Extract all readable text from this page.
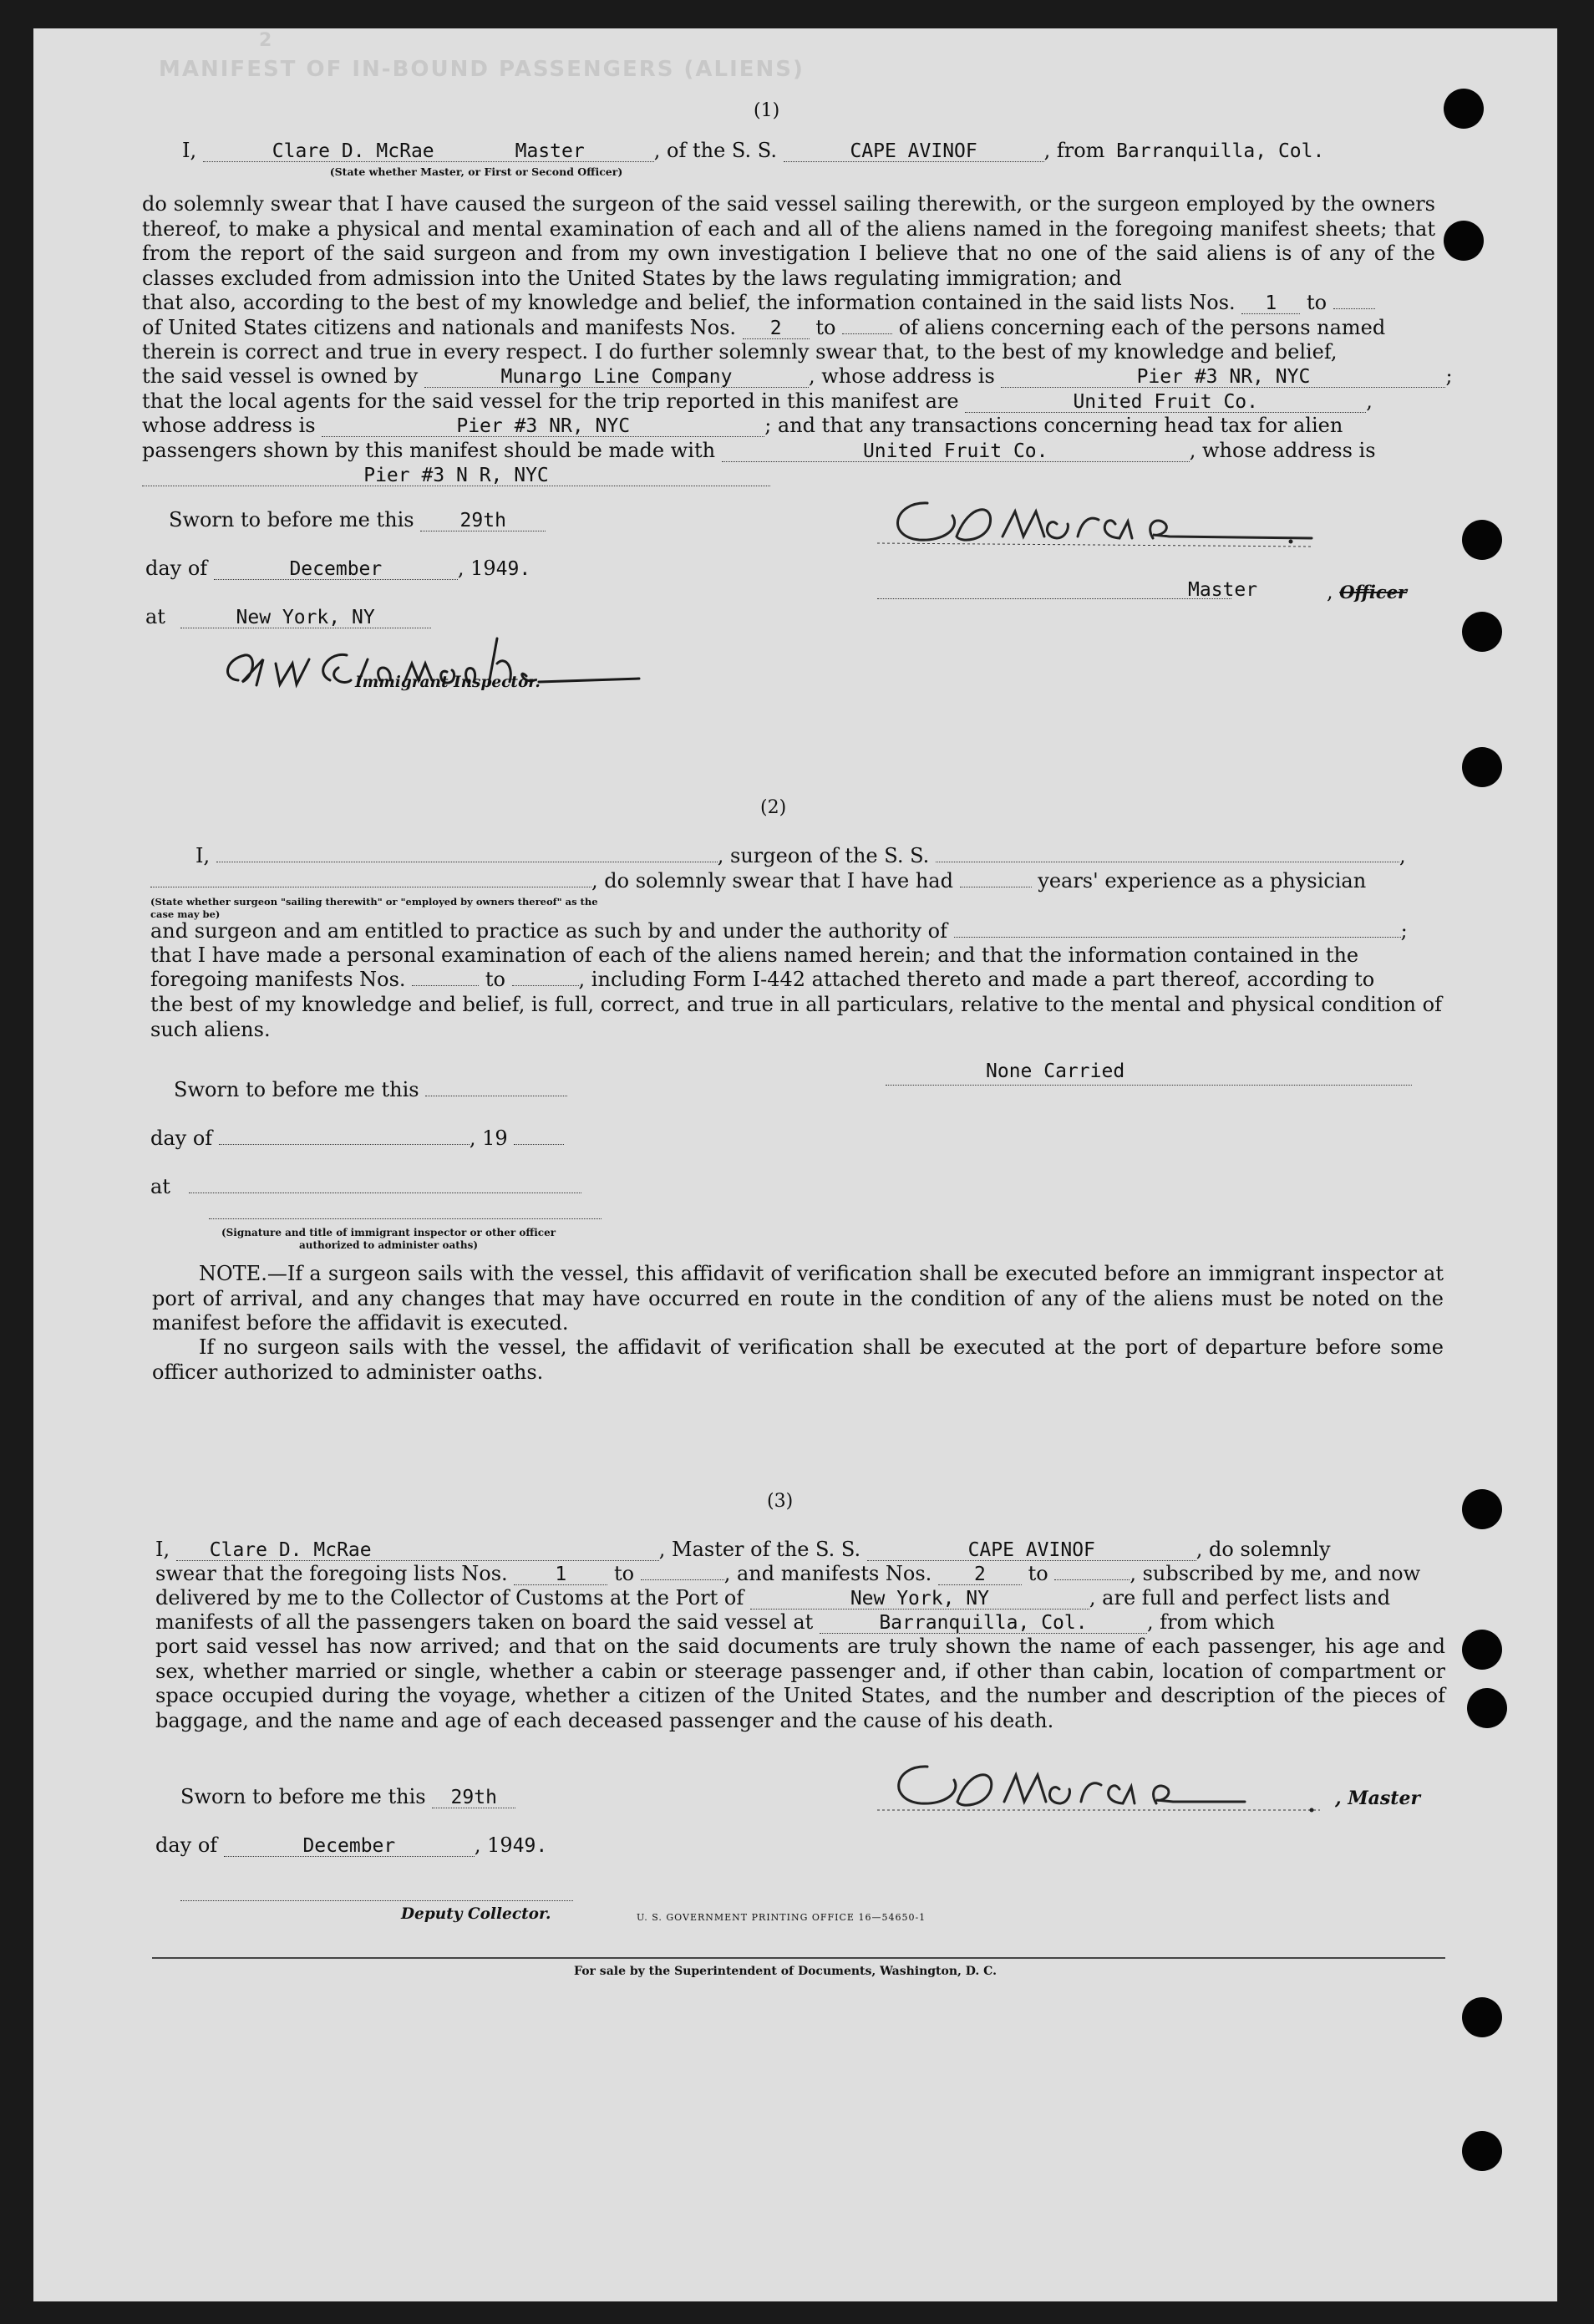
MANIFEST OF IN-BOUND PASSENGERS (ALIENS)
2
(1)
I,	Clare D. McRae	Master	, of the S. S.	CAPE AVINOF	, from Barranquilla, Col.
(State whether Master, or First or Second Officer)
do solemnly swear that I have caused the surgeon of the said vessel sailing therewith, or the surgeon employed by the owners thereof, to make a physical and mental examination of each and all of the aliens named in the foregoing manifest sheets; that from the report of the said surgeon and from my own investigation I believe that no one of the said aliens is of any of the classes excluded from admission into the United States by the laws regulating immigration; and
that also, according to the best of my knowledge and belief, the information contained in the said lists Nos. 1 to
of United States citizens and nationals and manifests Nos. 2 to	of aliens concerning each of the persons named
therein is correct and true in every respect. I do further solemnly swear that, to the best of my knowledge and belief,
the said vessel is owned by	Munargo Line Company	, whose address is	Pier #3 NR, NYC	;
that the local agents for the said vessel for the trip reported in this manifest are	United Fruit Co.	,
whose address is	Pier #3 NR, NYC	; and that any transactions concerning head tax for alien
passengers shown by this manifest should be made with	United Fruit Co.	, whose address is
Pier #3 N R, NYC
Sworn to before me this 29th
day of	December	, 1949.
at	New York, NY
Master	, Officer
Immigrant Inspector.
(2)
I,	, surgeon of the S. S.	,
, do solemnly swear that I have had	years' experience as a physician
(State whether surgeon "sailing therewith" or "employed by owners thereof" as the case may be)
and surgeon and am entitled to practice as such by and under the authority of	;
that I have made a personal examination of each of the aliens named herein; and that the information contained in the
foregoing manifests Nos.	to	, including Form I-442 attached thereto and made a part thereof, according to
the best of my knowledge and belief, is full, correct, and true in all particulars, relative to the mental and physical condition of such aliens.
Sworn to before me this
None Carried
day of	, 19
at
(Signature and title of immigrant inspector or other officer authorized to administer oaths)
NOTE.—If a surgeon sails with the vessel, this affidavit of verification shall be executed before an immigrant inspector at port of arrival, and any changes that may have occurred en route in the condition of any of the aliens must be noted on the manifest before the affidavit is executed.
If no surgeon sails with the vessel, the affidavit of verification shall be executed at the port of departure before some officer authorized to administer oaths.
(3)
I, Clare D. McRae	, Master of the S. S.	CAPE AVINOF	, do solemnly
swear that the foregoing lists Nos. 1 to	, and manifests Nos. 2 to	, subscribed by me, and now
delivered by me to the Collector of Customs at the Port of	New York, NY	, are full and perfect lists and
manifests of all the passengers taken on board the said vessel at	Barranquilla, Col.	, from which
port said vessel has now arrived; and that on the said documents are truly shown the name of each passenger, his age and sex, whether married or single, whether a cabin or steerage passenger and, if other than cabin, location of compartment or space occupied during the voyage, whether a citizen of the United States, and the number and description of the pieces of baggage, and the name and age of each deceased passenger and the cause of his death.
Sworn to before me this 29th
day of	December	, 1949.
, Master
Deputy Collector.	U. S. GOVERNMENT PRINTING OFFICE 16—54650-1
For sale by the Superintendent of Documents, Washington, D. C.
